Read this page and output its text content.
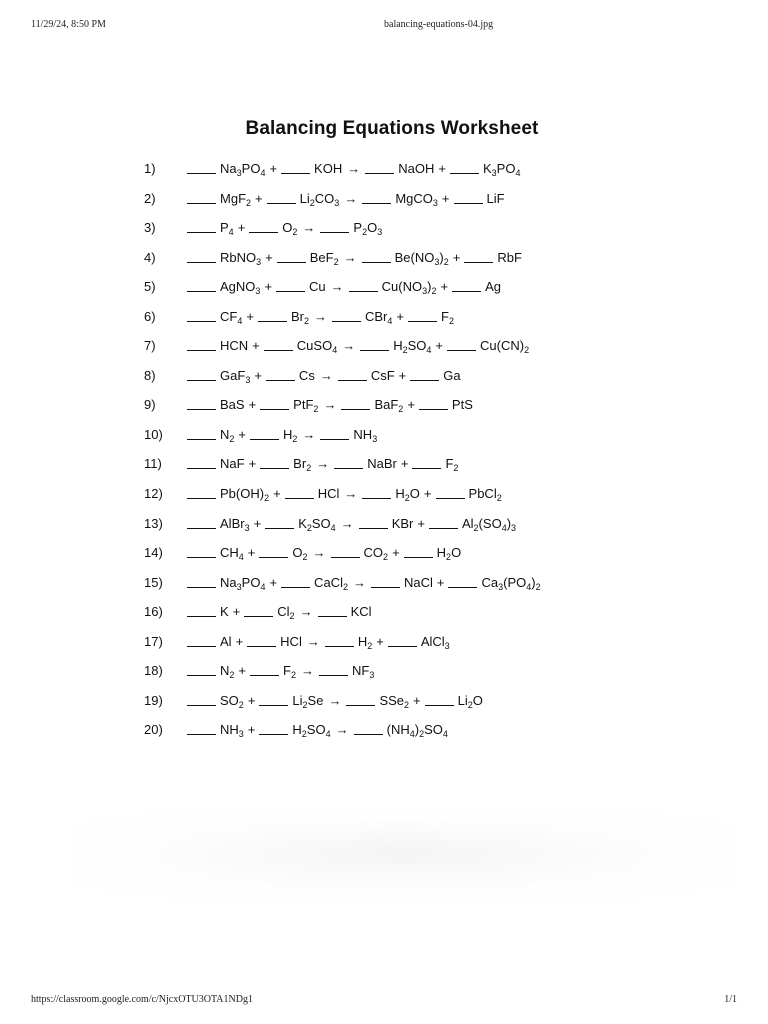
11/29/24, 8:50 PM	balancing-equations-04.jpg
Balancing Equations Worksheet
1)	$Na_3PO_4$ +	KOH →	NaOH +	$K_3PO_4$
2)	MgF$_2$ +	$Li_2CO_3$ →	MgCO$_3$ +	LiF
3)	$P_4$ +	$O_2$ →	$P_2O_3$
4)	RbNO$_3$ +	BeF$_2$ →	$Be(NO_3)_2$ +	RbF
5)	AgNO$_3$ +	Cu →	$Cu(NO_3)_2$ +	Ag
6)	$CF_4$ +	$Br_2$ →	CBr$_4$ +	$F_2$
7)	HCN +	CuSO$_4$ →	$H_2SO_4$ +	$Cu(CN)_2$
8)	GaF$_3$ +	Cs →	CsF +	Ga
9)	BaS +	PtF$_2$ →	BaF$_2$ +	PtS
10)	$N_2$ +	$H_2$ →	$NH_3$
11)	NaF +	$Br_2$ →	NaBr +	$F_2$
12)	$Pb(OH)_2$ +	HCl →	$H_2O$ +	PbCl$_2$
13)	AlBr$_3$ +	$K_2SO_4$ →	KBr +	$Al_2(SO_4)_3$
14)	$CH_4$ +	$O_2$ →	$CO_2$ +	$H_2O$
15)	$Na_3PO_4$ +	CaCl$_2$ →	NaCl +	$Ca_3(PO_4)_2$
16)	K +	$Cl_2$ →	KCl
17)	Al +	HCl →	$H_2$ +	AlCl$_3$
18)	$N_2$ +	$F_2$ →	$NF_3$
19)	$SO_2$ +	$Li_2Se$ →	SSe$_2$ +	$Li_2O$
20)	$NH_3$ +	$H_2SO_4$ →	$(NH_4)_2SO_4$
https://classroom.google.com/c/NjcxOTU3OTA1NDg1	1/1
